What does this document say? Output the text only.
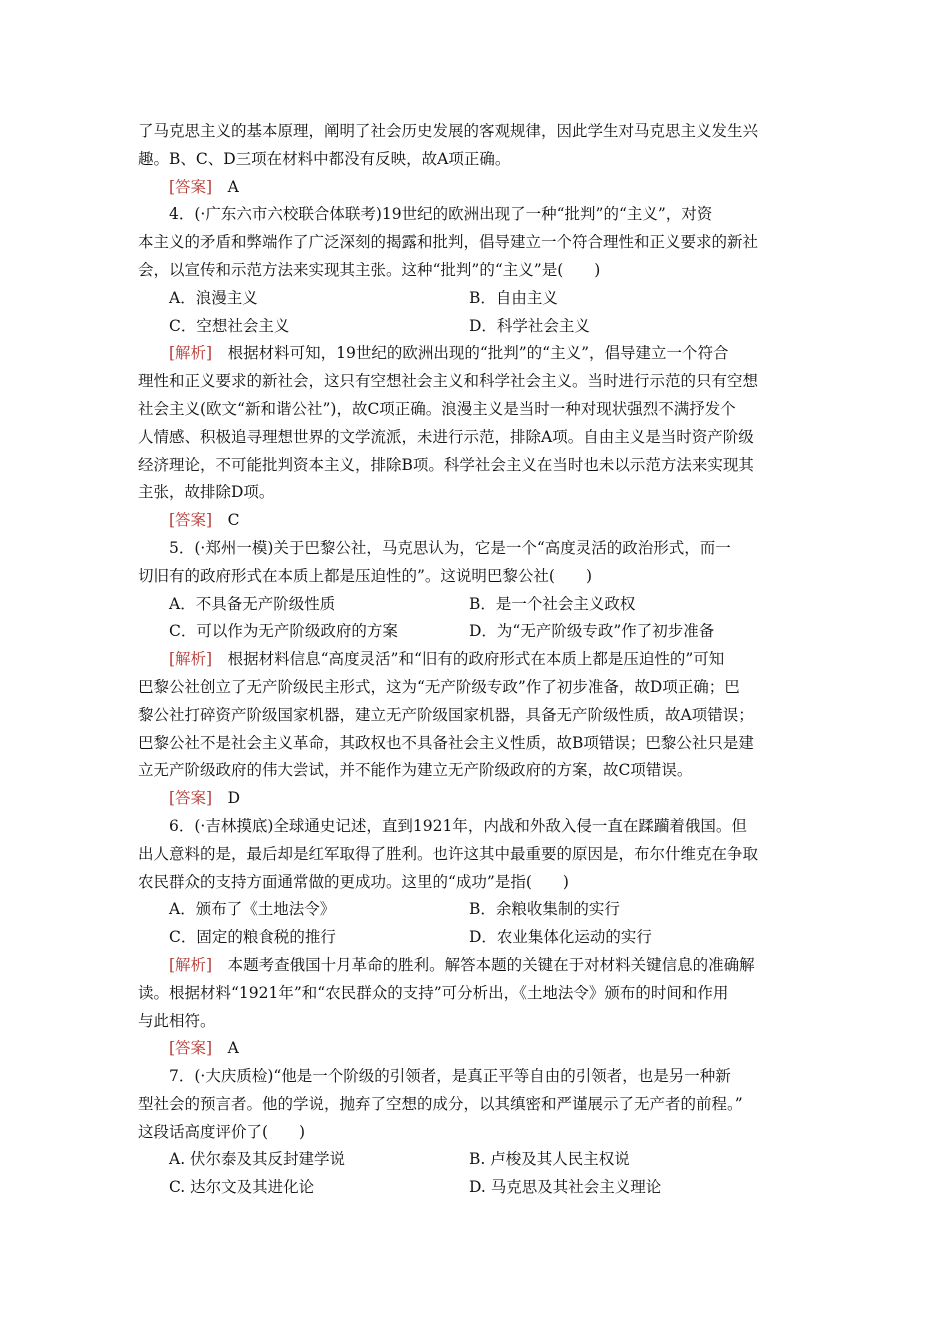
了马克思主义的基本原理，阐明了社会历史发展的客观规律，因此学生对马克思主义发生兴
趣。B、C、D三项在材料中都没有反映，故A项正确。
[答案]　A
4．(·广东六市六校联合体联考)19世纪的欧洲出现了一种“批判”的“主义”，对资
本主义的矛盾和弊端作了广泛深刻的揭露和批判，倡导建立一个符合理性和正义要求的新社
会，以宣传和示范方法来实现其主张。这种“批判”的“主义”是(　　)
A．浪漫主义	B．自由主义
C．空想社会主义	D．科学社会主义
[解析]　根据材料可知，19世纪的欧洲出现的“批判”的“主义”，倡导建立一个符合
理性和正义要求的新社会，这只有空想社会主义和科学社会主义。当时进行示范的只有空想
社会主义(欧文“新和谐公社”)，故C项正确。浪漫主义是当时一种对现状强烈不满抒发个
人情感、积极追寻理想世界的文学流派，未进行示范，排除A项。自由主义是当时资产阶级
经济理论，不可能批判资本主义，排除B项。科学社会主义在当时也未以示范方法来实现其
主张，故排除D项。
[答案]　C
5．(·郑州一模)关于巴黎公社，马克思认为，它是一个“高度灵活的政治形式，而一
切旧有的政府形式在本质上都是压迫性的”。这说明巴黎公社(　　)
A．不具备无产阶级性质	B．是一个社会主义政权
C．可以作为无产阶级政府的方案	D．为“无产阶级专政”作了初步准备
[解析]　根据材料信息“高度灵活”和“旧有的政府形式在本质上都是压迫性的”可知
巴黎公社创立了无产阶级民主形式，这为“无产阶级专政”作了初步准备，故D项正确；巴
黎公社打碎资产阶级国家机器，建立无产阶级国家机器，具备无产阶级性质，故A项错误；
巴黎公社不是社会主义革命，其政权也不具备社会主义性质，故B项错误；巴黎公社只是建
立无产阶级政府的伟大尝试，并不能作为建立无产阶级政府的方案，故C项错误。
[答案]　D
6．(·吉林摸底)全球通史记述，直到1921年，内战和外敌入侵一直在蹂躏着俄国。但
出人意料的是，最后却是红军取得了胜利。也许这其中最重要的原因是，布尔什维克在争取
农民群众的支持方面通常做的更成功。这里的“成功”是指(　　)
A．颁布了《土地法令》	B．余粮收集制的实行
C．固定的粮食税的推行	D．农业集体化运动的实行
[解析]　本题考查俄国十月革命的胜利。解答本题的关键在于对材料关键信息的准确解
读。根据材料“1921年”和“农民群众的支持”可分析出，《土地法令》颁布的时间和作用
与此相符。
[答案]　A
7．(·大庆质检)“他是一个阶级的引领者，是真正平等自由的引领者，也是另一种新
型社会的预言者。他的学说，抛弃了空想的成分，以其缜密和严谨展示了无产者的前程。”
这段话高度评价了(　　)
A. 伏尔泰及其反封建学说	B. 卢梭及其人民主权说
C. 达尔文及其进化论	D. 马克思及其社会主义理论
